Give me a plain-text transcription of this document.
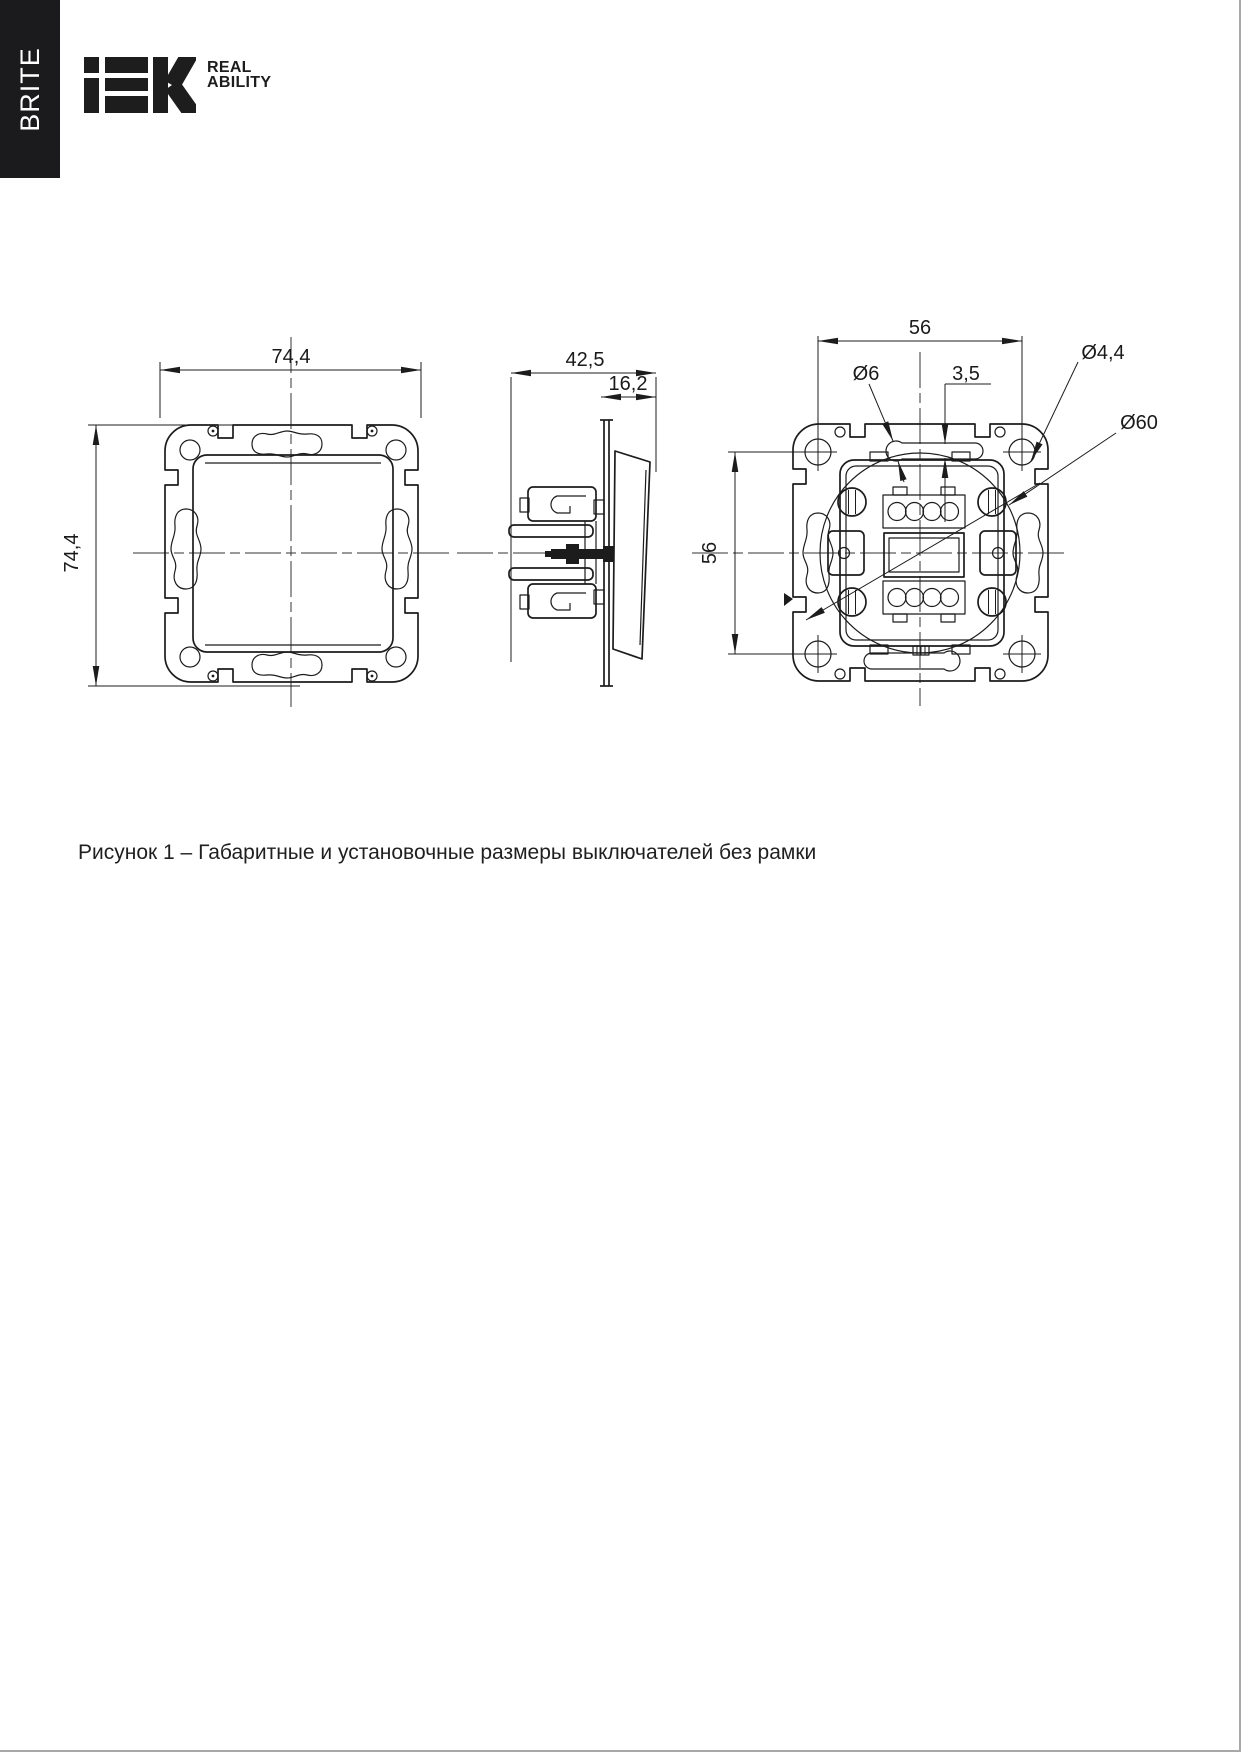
BRITE	REAL
ABILITY
74,4
74,4
42,5
16,2
56
56
Ø6	3,5
Ø4,4
Ø60
Рисунок 1 – Габаритные и установочные размеры выключателей без рамки
